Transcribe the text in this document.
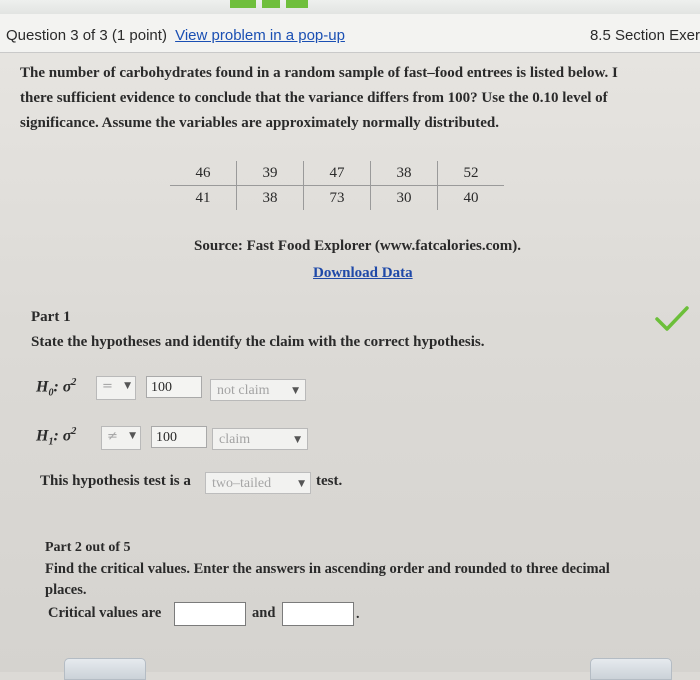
Question 3 of 3 (1 point) View problem in a pop-up	8.5 Section Exer
The number of carbohydrates found in a random sample of fast–food entrees is listed below. I
there sufficient evidence to conclude that the variance differs from 100? Use the 0.10 level of
significance. Assume the variables are approximately normally distributed.
46	39	47	38	52
41	38	73	30	40
Source: Fast Food Explorer (www.fatcalories.com).
Download Data
Part 1
State the hypotheses and identify the claim with the correct hypothesis.
$H_0$: $\sigma^2$ = ▼	100	not claim	▼
$H_1$: $\sigma^2$ ≠ ▼	100	claim	▼
This hypothesis test is a	two–tailed	▼ test.
Part 2 out of 5
Find the critical values. Enter the answers in ascending order and rounded to three decimal
places.
Critical values are	and	.
